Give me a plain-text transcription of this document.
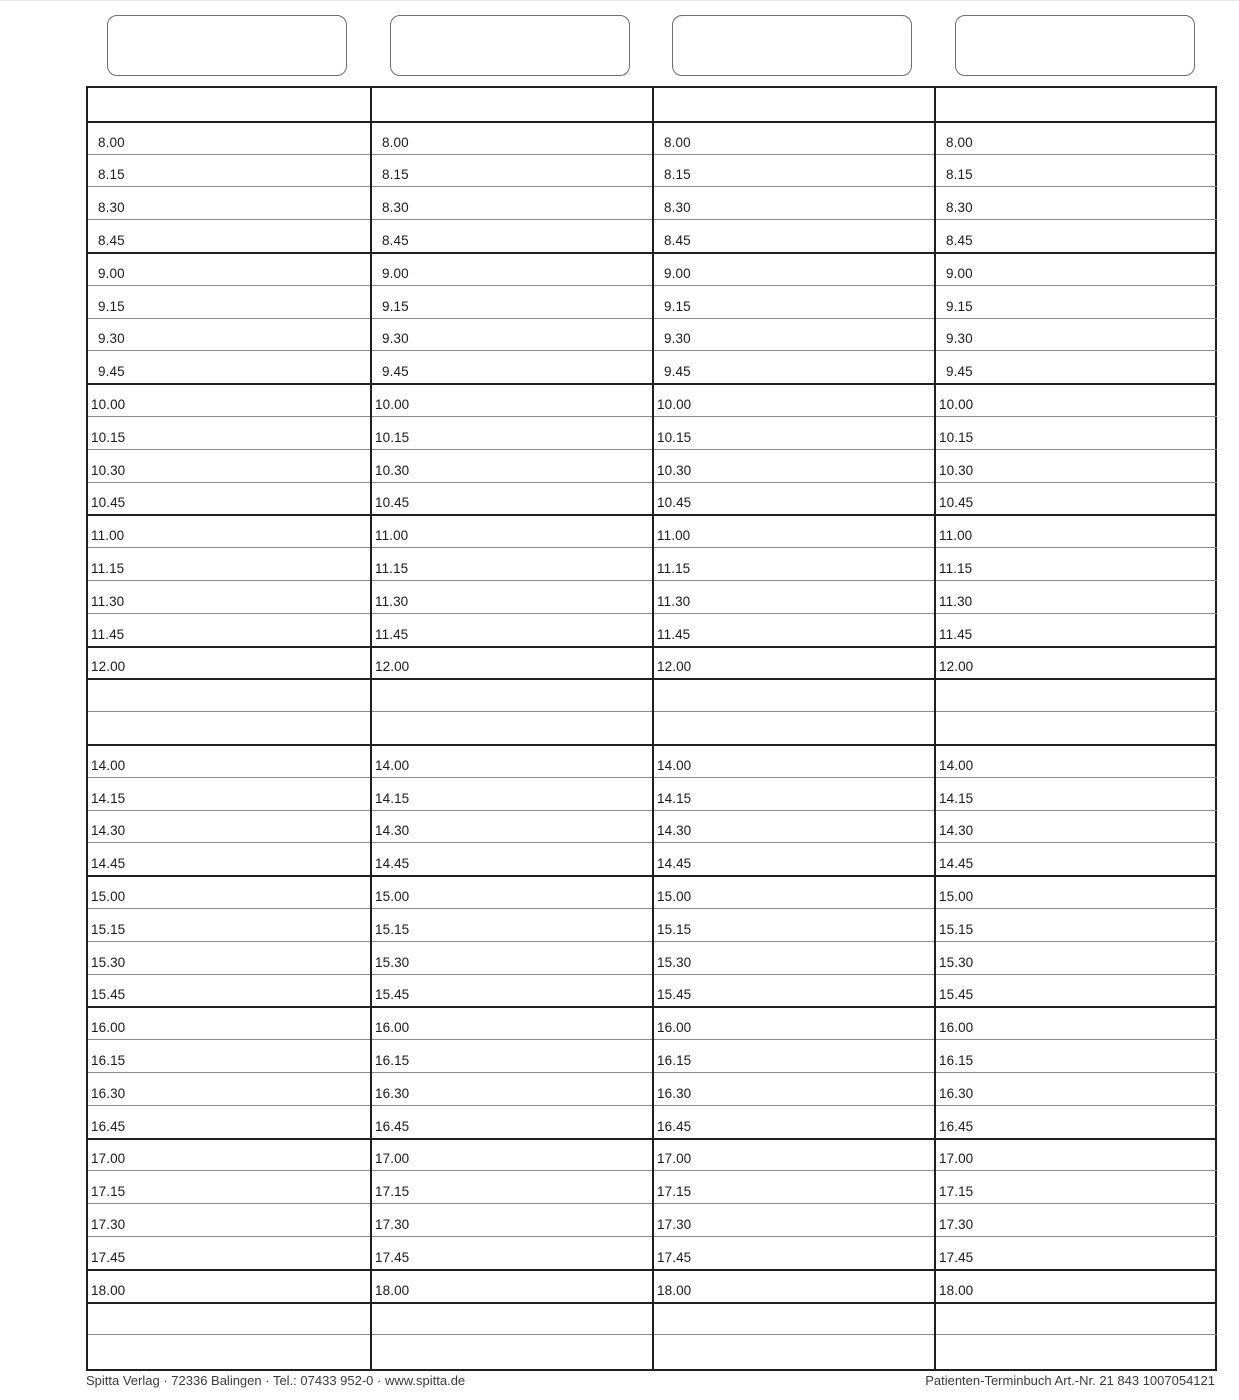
8.00
8.15
8.30
8.45
9.00
9.15
9.30
9.45
10.00
10.15
10.30
10.45
11.00
11.15
11.30
11.45
12.00
14.00
14.15
14.30
14.45
15.00
15.15
15.30
15.45
16.00
16.15
16.30
16.45
17.00
17.15
17.30
17.45
18.00
8.00
8.15
8.30
8.45
9.00
9.15
9.30
9.45
10.00
10.15
10.30
10.45
11.00
11.15
11.30
11.45
12.00
14.00
14.15
14.30
14.45
15.00
15.15
15.30
15.45
16.00
16.15
16.30
16.45
17.00
17.15
17.30
17.45
18.00
8.00
8.15
8.30
8.45
9.00
9.15
9.30
9.45
10.00
10.15
10.30
10.45
11.00
11.15
11.30
11.45
12.00
14.00
14.15
14.30
14.45
15.00
15.15
15.30
15.45
16.00
16.15
16.30
16.45
17.00
17.15
17.30
17.45
18.00
8.00
8.15
8.30
8.45
9.00
9.15
9.30
9.45
10.00
10.15
10.30
10.45
11.00
11.15
11.30
11.45
12.00
14.00
14.15
14.30
14.45
15.00
15.15
15.30
15.45
16.00
16.15
16.30
16.45
17.00
17.15
17.30
17.45
18.00
Spitta Verlag · 72336 Balingen · Tel.: 07433 952-0 · www.spitta.de	Patienten-Terminbuch Art.-Nr. 21 843 1007054121
